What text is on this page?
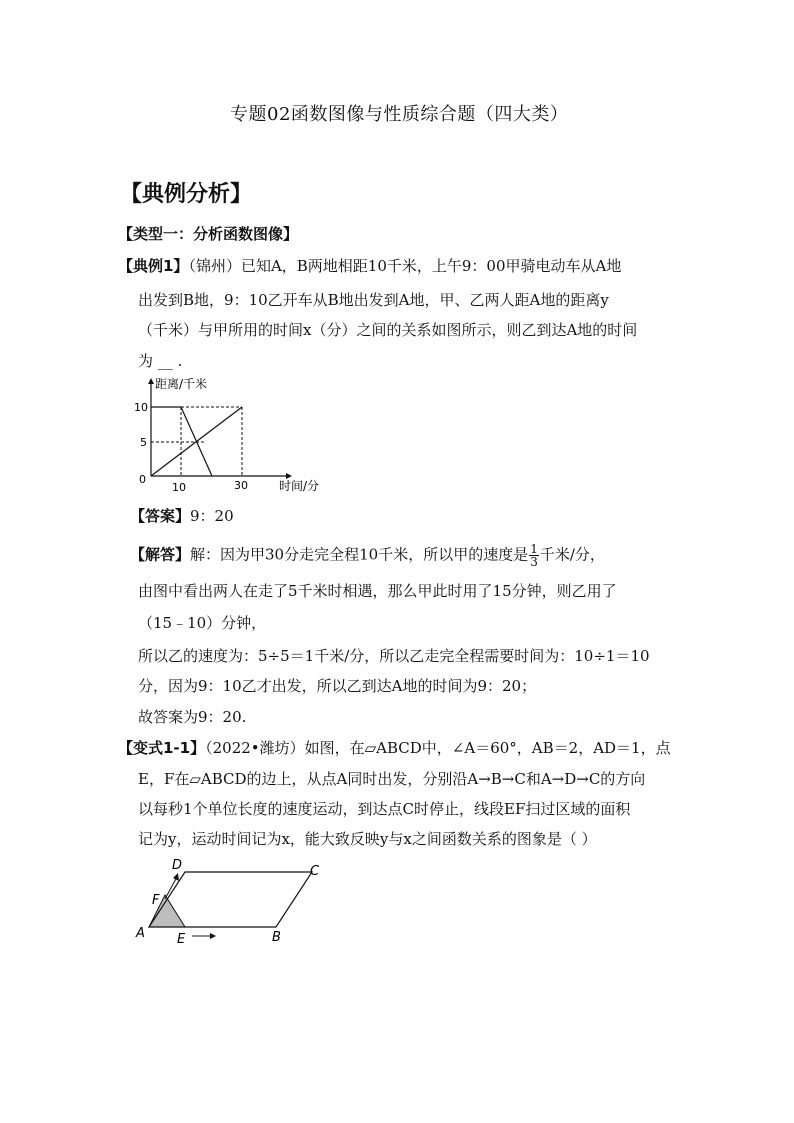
专题02函数图像与性质综合题（四大类）
【典例分析】
【类型一：分析函数图像】
【典例1】（锦州）已知A，B两地相距10千米，上午9：00甲骑电动车从A地
出发到B地，9：10乙开车从B地出发到A地，甲、乙两人距A地的距离y
（千米）与甲所用的时间x（分）之间的关系如图所示，则乙到达A地的时间
为 __ .
距离/千米
时间/分
0
10
5
10	30
【答案】9：20
【解答】解：因为甲30分走完全程10千米，所以甲的速度是 $\frac{1}{3}$ 千米/分，
由图中看出两人在走了5千米时相遇，那么甲此时用了15分钟，则乙用了
（15﹣10）分钟，
所以乙的速度为：5÷5＝1千米/分，所以乙走完全程需要时间为：10÷1＝10
分，因为9：10乙才出发，所以乙到达A地的时间为9：20；
故答案为9：20.
【变式1-1】（2022•潍坊）如图，在▱ABCD中，∠A＝60°，AB＝2，AD＝1，点
E，F在▱ABCD的边上，从点A同时出发，分别沿A→B→C和A→D→C的方向
以每秒1个单位长度的速度运动，到达点C时停止，线段EF扫过区域的面积
记为y，运动时间记为x，能大致反映y与x之间函数关系的图象是（ ）
A	B
C
D
E
F
